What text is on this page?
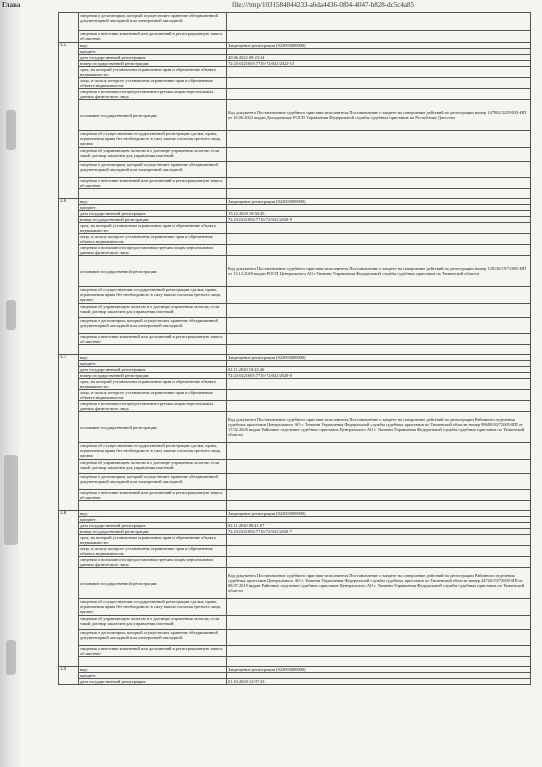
Глава	file:///tmp/1031584844233-a6da4436-0f04-4047-b828-dc5c4a85
	сведения о депозитарии, который осуществляет хранение обездвиженной документарной закладной или электронной закладной:	
	сведения о внесении изменений или дополнений в регистрационную запись об ипотеке:	
3.5	вид:	Запрещение регистрации (022003000000)
	предмет:	
	дата государственной регистрации:	20.06.2022 09:23:34
	номер государственной регистрации:	72:23:0221003:7716-72/041/2022-13
	срок, на который установлены ограничение прав и обременение объекта недвижимости:	
	лицо, в пользу которого установлены ограничение прав и обременение объекта недвижимости:	
	сведения о возможности предоставления третьим лицам персональных данных физического лица	
	основание государственной регистрации:	Код документа Постановление судебного пристава-исполнителя Постановление о запрете на совершение действий по регистрации номер 147802/22/05035-ИП от 16.06.2022 выдан Дахадаевское РОСП Управления Федеральной службы судебных приставов по Республике Дагестан
	сведения об осуществлении государственной регистрации сделки, права, ограничения права без необходимого в силу закона согласия третьего лица, органа:	
	сведения об управляющем залогом и о договоре управления залогом, если такой договор заключен для управления ипотекой:	
	сведения о депозитарии, который осуществляет хранение обездвиженной документарной закладной или электронной закладной:	
	сведения о внесении изменений или дополнений в регистрационную запись об ипотеке:	

3.6	вид:	Запрещение регистрации (022003000000)
	предмет:	
	дата государственной регистрации:	15.12.2020 10:50:45
	номер государственной регистрации:	72:23:0221003:7716-72/041/2020-9
	срок, на который установлены ограничение прав и обременение объекта недвижимости:	
	лицо, в пользу которого установлены ограничение прав и обременение объекта недвижимости:	
	сведения о возможности предоставления третьим лицам персональных данных физического лица	
	основание государственной регистрации:	Код документа Постановление судебного пристава-исполнителя Постановление о запрете на совершение действий по регистрации номер 128138/19/72005-ИП от 13.12.2020 выдан РОСП Центрального АО г.Тюмени Управления Федеральной службы судебных приставов по Тюменской области
	сведения об осуществлении государственной регистрации сделки, права, ограничения права без необходимого в силу закона согласия третьего лица, органа:	
	сведения об управляющем залогом и о договоре управления залогом, если такой договор заключен для управления ипотекой:	
	сведения о депозитарии, который осуществляет хранение обездвиженной документарной закладной или электронной закладной:	
	сведения о внесении изменений или дополнений в регистрационную запись об ипотеке:	

3.7	вид:	Запрещение регистрации (022003000000)
	предмет:	
	дата государственной регистрации:	02.11.2020 10:22:46
	номер государственной регистрации:	72:23:0221003:7716-72/041/2020-8
	срок, на который установлены ограничение прав и обременение объекта недвижимости:	
	лицо, в пользу которого установлены ограничение прав и обременение объекта недвижимости:	
	сведения о возможности предоставления третьим лицам персональных данных физического лица	
	основание государственной регистрации:	Код документа Постановление судебного пристава-исполнителя Постановление о запрете на совершение действий по регистрации Районного отделения судебных приставов Центрального АО г. Тюмени Управления Федеральной службы судебных приставов по Тюменской области номер 90680/20/72005-ИП от 17.02.2020 выдан Районное отделение судебных приставов Центрального АО г. Тюмени Управления Федеральной службы судебных приставов по Тюменской области
	сведения об осуществлении государственной регистрации сделки, права, ограничения права без необходимого в силу закона согласия третьего лица, органа:	
	сведения об управляющем залогом и о договоре управления залогом, если такой договор заключен для управления ипотекой:	
	сведения о депозитарии, который осуществляет хранение обездвиженной документарной закладной или электронной закладной:	
	сведения о внесении изменений или дополнений в регистрационную запись об ипотеке:	

3.8	вид:	Запрещение регистрации (022003000000)
	предмет:	
	дата государственной регистрации:	02.11.2020 08:41:07
	номер государственной регистрации:	72:23:0221003:7716-72/041/2020-7
	срок, на который установлены ограничение прав и обременение объекта недвижимости:	
	лицо, в пользу которого установлены ограничение прав и обременение объекта недвижимости:	
	сведения о возможности предоставления третьим лицам персональных данных физического лица	
	основание государственной регистрации:	Код документа Постановление судебного пристава-исполнителя Постановление о запрете на совершение действий по регистрации Районного отделения судебных приставов Центрального АО г. Тюмени Управления Федеральной службы судебных приставов по Тюменской области номер 44726/19/72005-ИП от 08.07.2019 выдан Районное отделение судебных приставов Центрального АО г. Тюмени Управления Федеральной службы судебных приставов по Тюменской области
	сведения об осуществлении государственной регистрации сделки, права, ограничения права без необходимого в силу закона согласия третьего лица, органа:	
	сведения об управляющем залогом и о договоре управления залогом, если такой договор заключен для управления ипотекой:	
	сведения о депозитарии, который осуществляет хранение обездвиженной документарной закладной или электронной закладной:	
	сведения о внесении изменений или дополнений в регистрационную запись об ипотеке:	

3.9	вид:	Запрещение регистрации (022003000000)
	предмет:	
	дата государственной регистрации:	01.10.2020 12:07:23
